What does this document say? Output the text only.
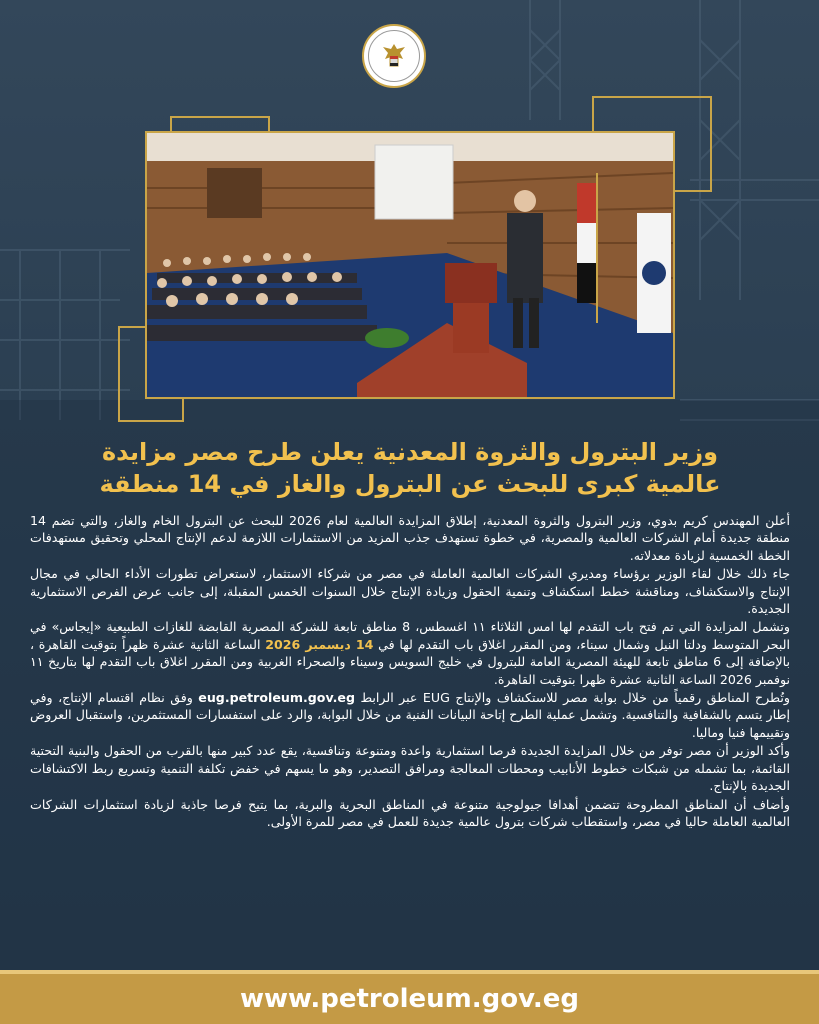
وزير البترول والثروة المعدنية يعلن طرح مصر مزايدة
عالمية كبرى للبحث عن البترول والغاز في 14 منطقة

أعلن المهندس كريم بدوي، وزير البترول والثروة المعدنية، إطلاق المزايدة العالمية لعام 2026 للبحث عن البترول الخام والغاز، والتي تضم 14 منطقة جديدة أمام الشركات العالمية والمصرية، في خطوة تستهدف جذب المزيد من الاستثمارات اللازمة لدعم الإنتاج المحلي وتحقيق مستهدفات الخطة الخمسية لزيادة معدلاته.

جاء ذلك خلال لقاء الوزير برؤساء ومديري الشركات العالمية العاملة في مصر من شركاء الاستثمار، لاستعراض تطورات الأداء الحالي في مجال الإنتاج والاستكشاف، ومناقشة خطط استكشاف وتنمية الحقول وزيادة الإنتاج خلال السنوات الخمس المقبلة، إلى جانب عرض الفرص الاستثمارية الجديدة.

وتشمل المزايدة التي تم فتح باب التقدم لها امس الثلاثاء ١١ اغسطس، 8 مناطق تابعة للشركة المصرية القابضة للغازات الطبيعية «إيجاس» في البحر المتوسط ودلتا النيل وشمال سيناء، ومن المقرر اغلاق باب التقدم لها في 14 ديسمبر 2026 الساعة الثانية عشرة ظهراً بتوقيت القاهرة ، بالإضافة إلى 6 مناطق تابعة للهيئة المصرية العامة للبترول في خليج السويس وسيناء والصحراء الغربية ومن المقرر اغلاق باب التقدم لها بتاريخ ١١ نوفمبر 2026 الساعة الثانية عشرة ظهرا بتوقيت القاهرة.

وتُطرح المناطق رقمياً من خلال بوابة مصر للاستكشاف والإنتاج EUG عبر الرابط eug.petroleum.gov.eg وفق نظام اقتسام الإنتاج، وفي إطار يتسم بالشفافية والتنافسية. وتشمل عملية الطرح إتاحة البيانات الفنية من خلال البوابة، والرد على استفسارات المستثمرين، واستقبال العروض وتقييمها فنيا وماليا.

وأكد الوزير أن مصر توفر من خلال المزايدة الجديدة فرصا استثمارية واعدة ومتنوعة وتنافسية، يقع عدد كبير منها بالقرب من الحقول والبنية التحتية القائمة، بما تشمله من شبكات خطوط الأنابيب ومحطات المعالجة ومرافق التصدير، وهو ما يسهم في خفض تكلفة التنمية وتسريع ربط الاكتشافات الجديدة بالإنتاج.

وأضاف أن المناطق المطروحة تتضمن أهدافا جيولوجية متنوعة في المناطق البحرية والبرية، بما يتيح فرصا جاذبة لزيادة استثمارات الشركات العالمية العاملة حاليا في مصر، واستقطاب شركات بترول عالمية جديدة للعمل في مصر للمرة الأولى.

www.petroleum.gov.eg
